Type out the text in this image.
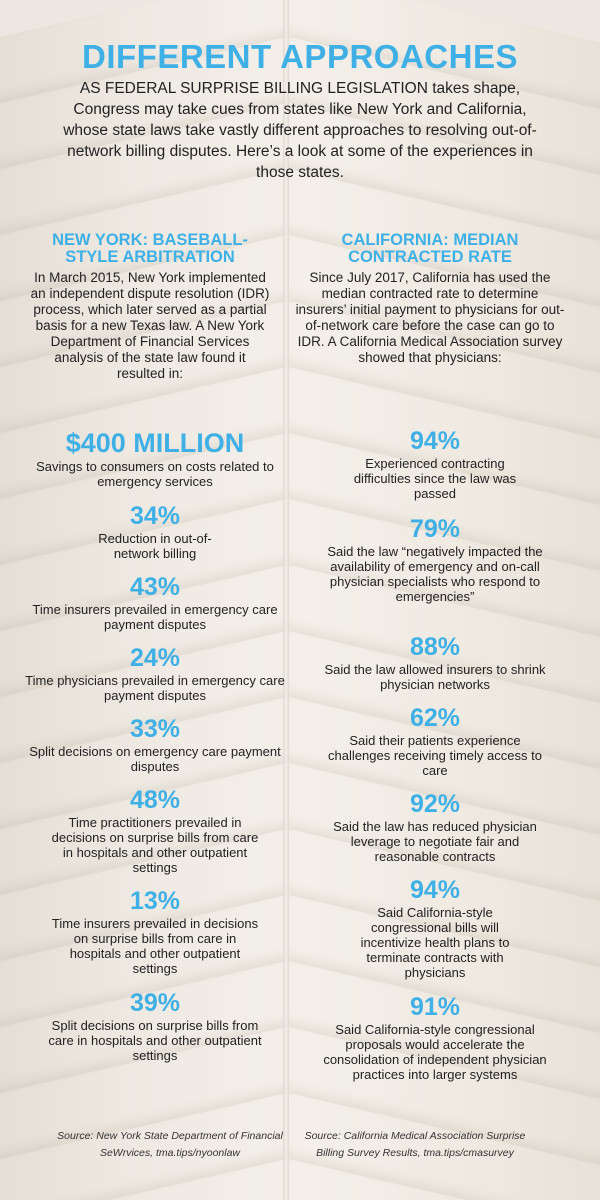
DIFFERENT APPROACHES

AS FEDERAL SURPRISE BILLING LEGISLATION takes shape, Congress may take cues from states like New York and California, whose state laws take vastly different approaches to resolving out-of-network billing disputes. Here’s a look at some of the experiences in those states.

NEW YORK: BASEBALL-STYLE ARBITRATION

In March 2015, New York implemented an independent dispute resolution (IDR) process, which later served as a partial basis for a new Texas law. A New York Department of Financial Services analysis of the state law found it resulted in:

CALIFORNIA: MEDIAN CONTRACTED RATE

Since July 2017, California has used the median contracted rate to determine insurers’ initial payment to physicians for out-of-network care before the case can go to IDR. A California Medical Association survey showed that physicians:

$400 MILLION
Savings to consumers on costs related to emergency services
34%
Reduction in out-of-network billing
43%
Time insurers prevailed in emergency care payment disputes
24%
Time physicians prevailed in emergency care payment disputes
33%
Split decisions on emergency care payment disputes
48%
Time practitioners prevailed in decisions on surprise bills from care in hospitals and other outpatient settings
13%
Time insurers prevailed in decisions on surprise bills from care in hospitals and other outpatient settings
39%
Split decisions on surprise bills from care in hospitals and other outpatient settings
94%
Experienced contracting difficulties since the law was passed
79%
Said the law “negatively impacted the availability of emergency and on-call physician specialists who respond to emergencies”
88%
Said the law allowed insurers to shrink physician networks
62%
Said their patients experience challenges receiving timely access to care
92%
Said the law has reduced physician leverage to negotiate fair and reasonable contracts
94%
Said California-style congressional bills will incentivize health plans to terminate contracts with physicians
91%
Said California-style congressional proposals would accelerate the consolidation of independent physician practices into larger systems
Source: New York State Department of Financial SeWrvices, tma.tips/nyoonlaw
Source: California Medical Association Surprise Billing Survey Results, tma.tips/cmasurvey
